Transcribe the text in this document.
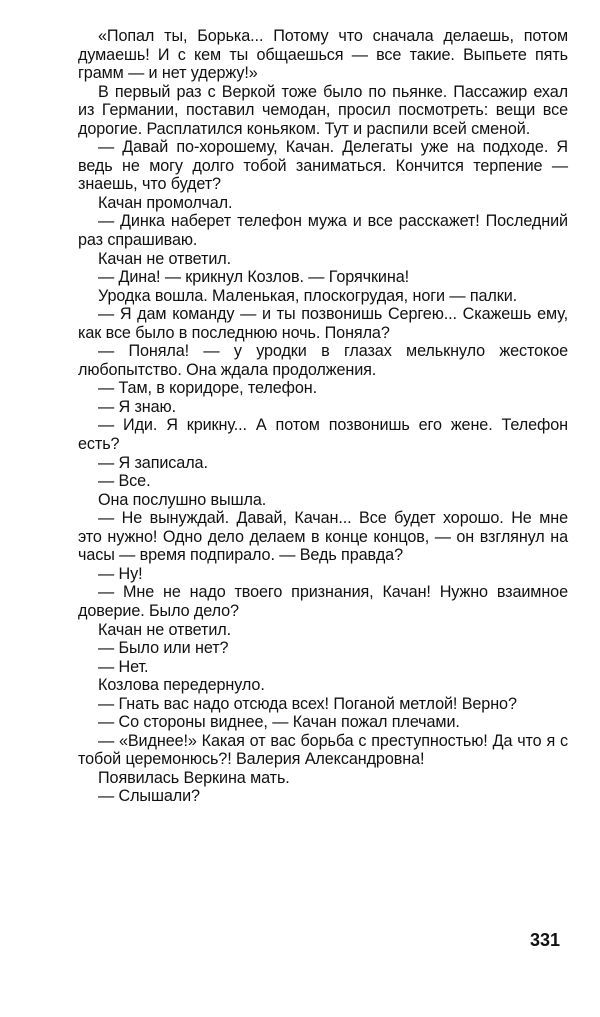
«Попал ты, Борька... Потому что сначала делаешь, потом думаешь! И с кем ты общаешься — все такие. Выпьете пять грамм — и нет удержу!»

В первый раз с Веркой тоже было по пьянке. Пассажир ехал из Германии, поставил чемодан, просил посмотреть: вещи все дорогие. Расплатился коньяком. Тут и распили всей сменой.

— Давай по-хорошему, Качан. Делегаты уже на подходе. Я ведь не могу долго тобой заниматься. Кончится терпение — знаешь, что будет?

Качан промолчал.

— Динка наберет телефон мужа и все расскажет! Последний раз спрашиваю.

Качан не ответил.

— Дина! — крикнул Козлов. — Горячкина!

Уродка вошла. Маленькая, плоскогрудая, ноги — палки.

— Я дам команду — и ты позвонишь Сергею... Скажешь ему, как все было в последнюю ночь. Поняла?

— Поняла! — у уродки в глазах мелькнуло жестокое любопытство. Она ждала продолжения.

— Там, в коридоре, телефон.

— Я знаю.

— Иди. Я крикну... А потом позвонишь его жене. Телефон есть?

— Я записала.

— Все.

Она послушно вышла.

— Не вынуждай. Давай, Качан... Все будет хорошо. Не мне это нужно! Одно дело делаем в конце концов, — он взглянул на часы — время подпирало. — Ведь правда?

— Ну!

— Мне не надо твоего признания, Качан! Нужно взаимное доверие. Было дело?

Качан не ответил.

— Было или нет?

— Нет.

Козлова передернуло.

— Гнать вас надо отсюда всех! Поганой метлой! Верно?

— Со стороны виднее, — Качан пожал плечами.

— «Виднее!» Какая от вас борьба с преступностью! Да что я с тобой церемонюсь?! Валерия Александровна!

Появилась Веркина мать.

— Слышали?

331
